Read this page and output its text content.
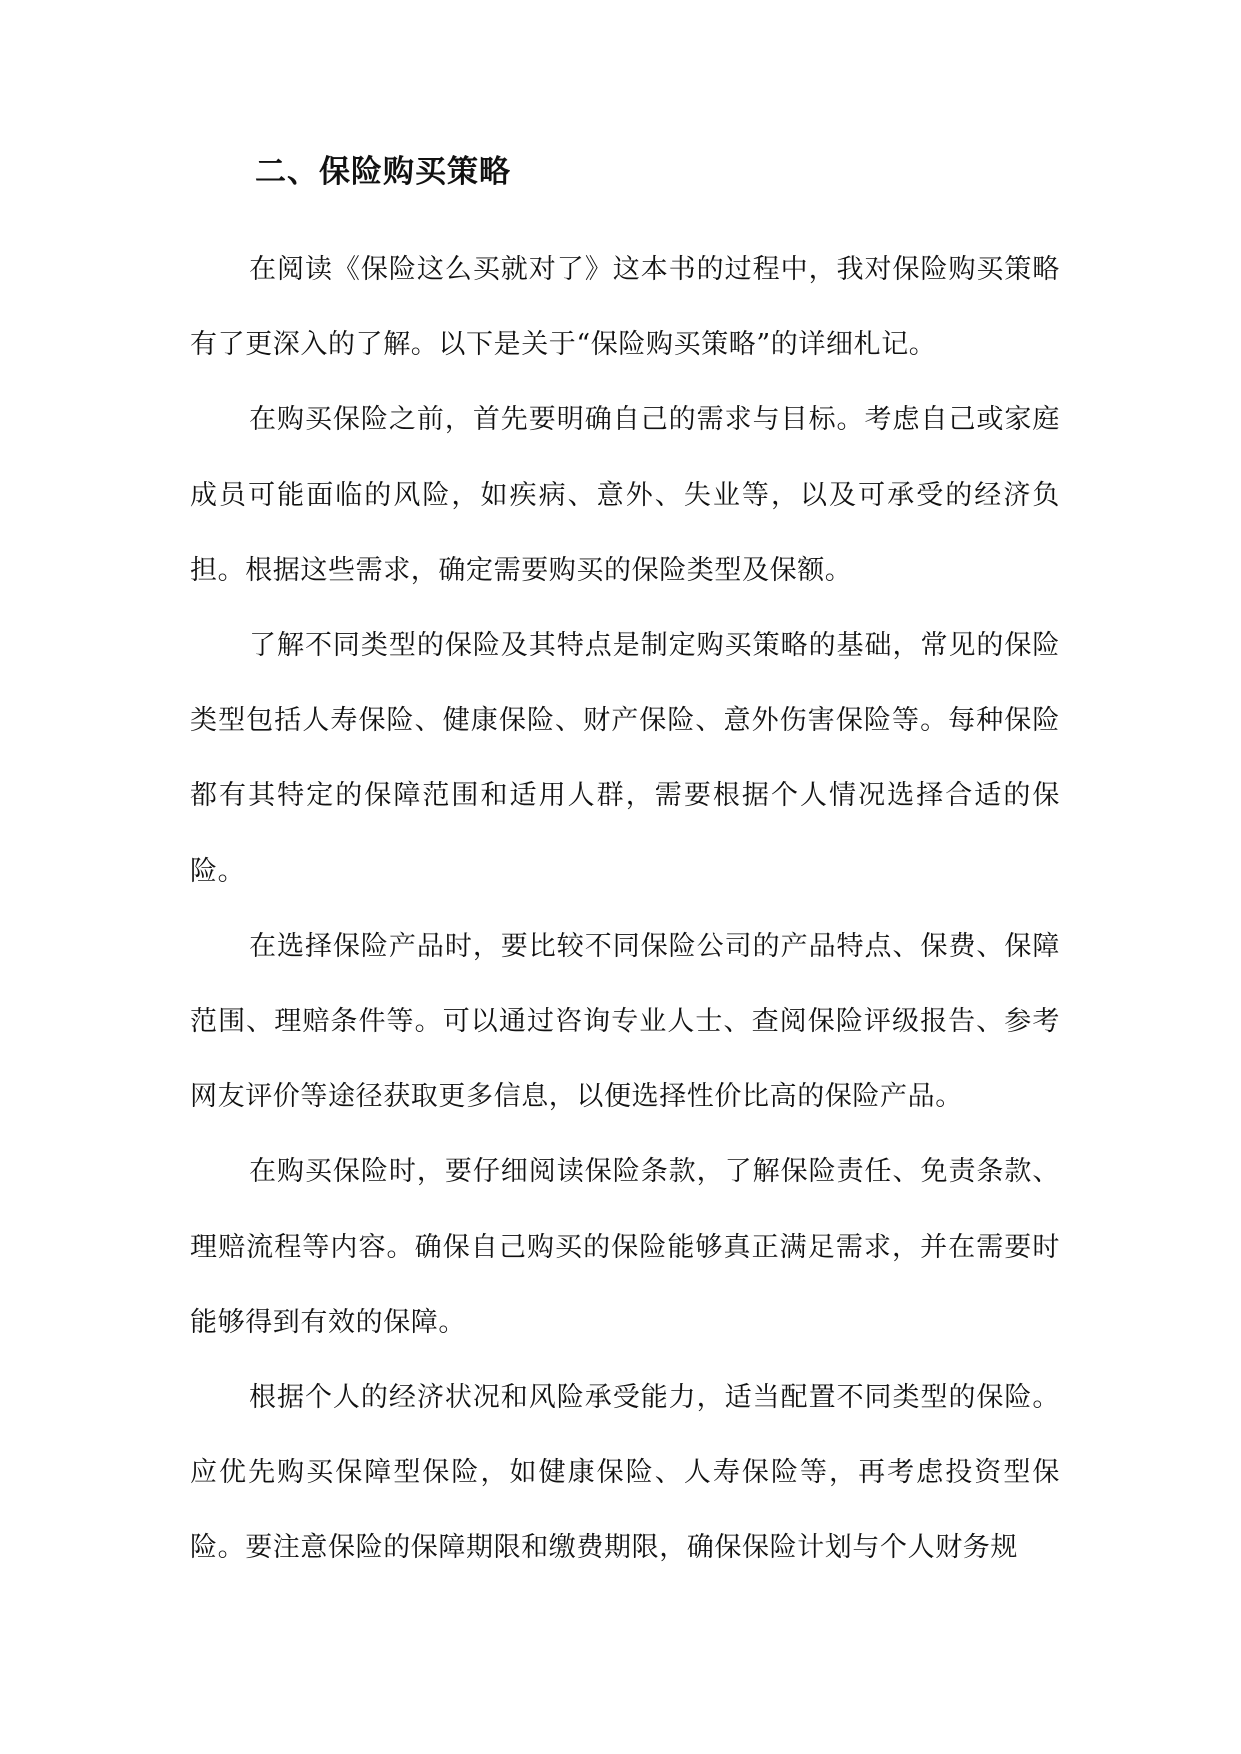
二、保险购买策略

在阅读《保险这么买就对了》这本书的过程中，我对保险购买策略有了更深入的了解。以下是关于“保险购买策略”的详细札记。

在购买保险之前，首先要明确自己的需求与目标。考虑自己或家庭成员可能面临的风险，如疾病、意外、失业等，以及可承受的经济负担。根据这些需求，确定需要购买的保险类型及保额。

了解不同类型的保险及其特点是制定购买策略的基础，常见的保险类型包括人寿保险、健康保险、财产保险、意外伤害保险等。每种保险都有其特定的保障范围和适用人群，需要根据个人情况选择合适的保险。

在选择保险产品时，要比较不同保险公司的产品特点、保费、保障范围、理赔条件等。可以通过咨询专业人士、查阅保险评级报告、参考网友评价等途径获取更多信息，以便选择性价比高的保险产品。

在购买保险时，要仔细阅读保险条款，了解保险责任、免责条款、理赔流程等内容。确保自己购买的保险能够真正满足需求，并在需要时能够得到有效的保障。

根据个人的经济状况和风险承受能力，适当配置不同类型的保险。应优先购买保障型保险，如健康保险、人寿保险等，再考虑投资型保险。要注意保险的保障期限和缴费期限，确保保险计划与个人财务规
